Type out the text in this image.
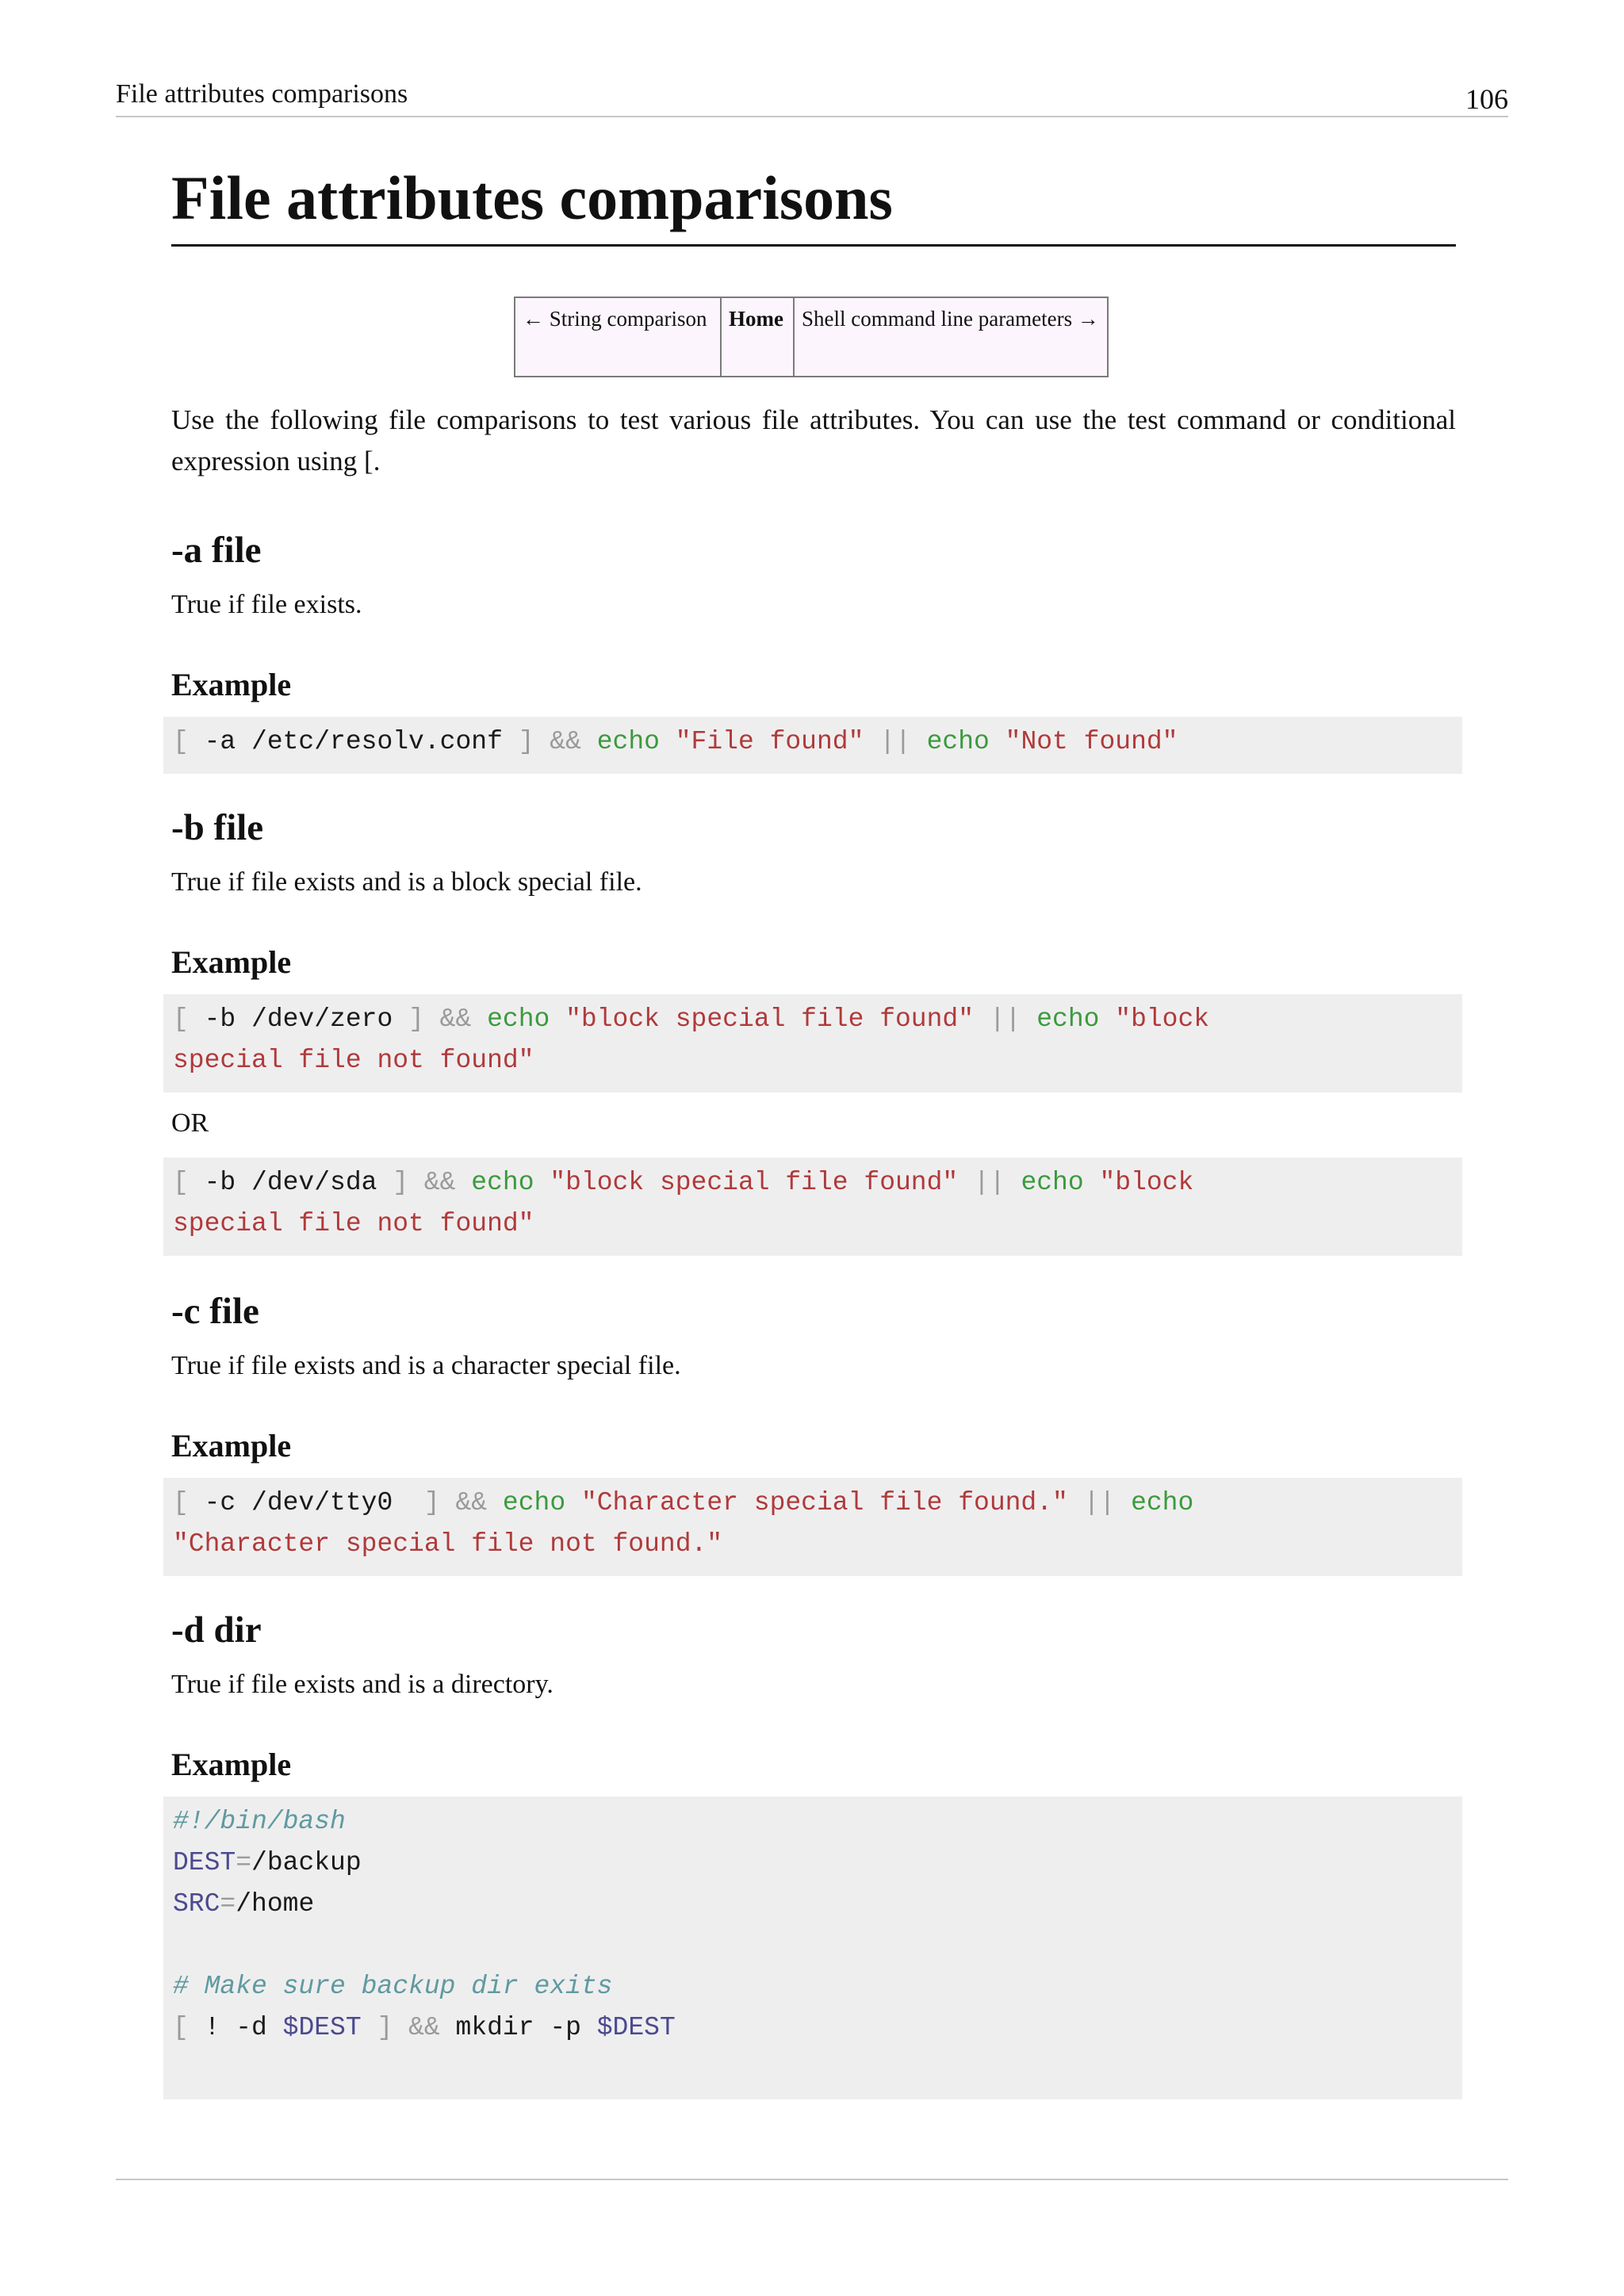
File attributes comparisons	106
File attributes comparisons
← String comparison	Home	Shell command line parameters →
Use the following file comparisons to test various file attributes. You can use the test command or conditional expression using [.
-a file
True if file exists.
Example
[ -a /etc/resolv.conf ] && echo "File found" || echo "Not found"
-b file
True if file exists and is a block special file.
Example
[ -b /dev/zero ] && echo "block special file found" || echo "block
special file not found"
OR
[ -b /dev/sda ] && echo "block special file found" || echo "block
special file not found"
-c file
True if file exists and is a character special file.
Example
[ -c /dev/tty0  ] && echo "Character special file found." || echo
"Character special file not found."
-d dir
True if file exists and is a directory.
Example
#!/bin/bash
DEST=/backup
SRC=/home

# Make sure backup dir exits
[ ! -d $DEST ] && mkdir -p $DEST
